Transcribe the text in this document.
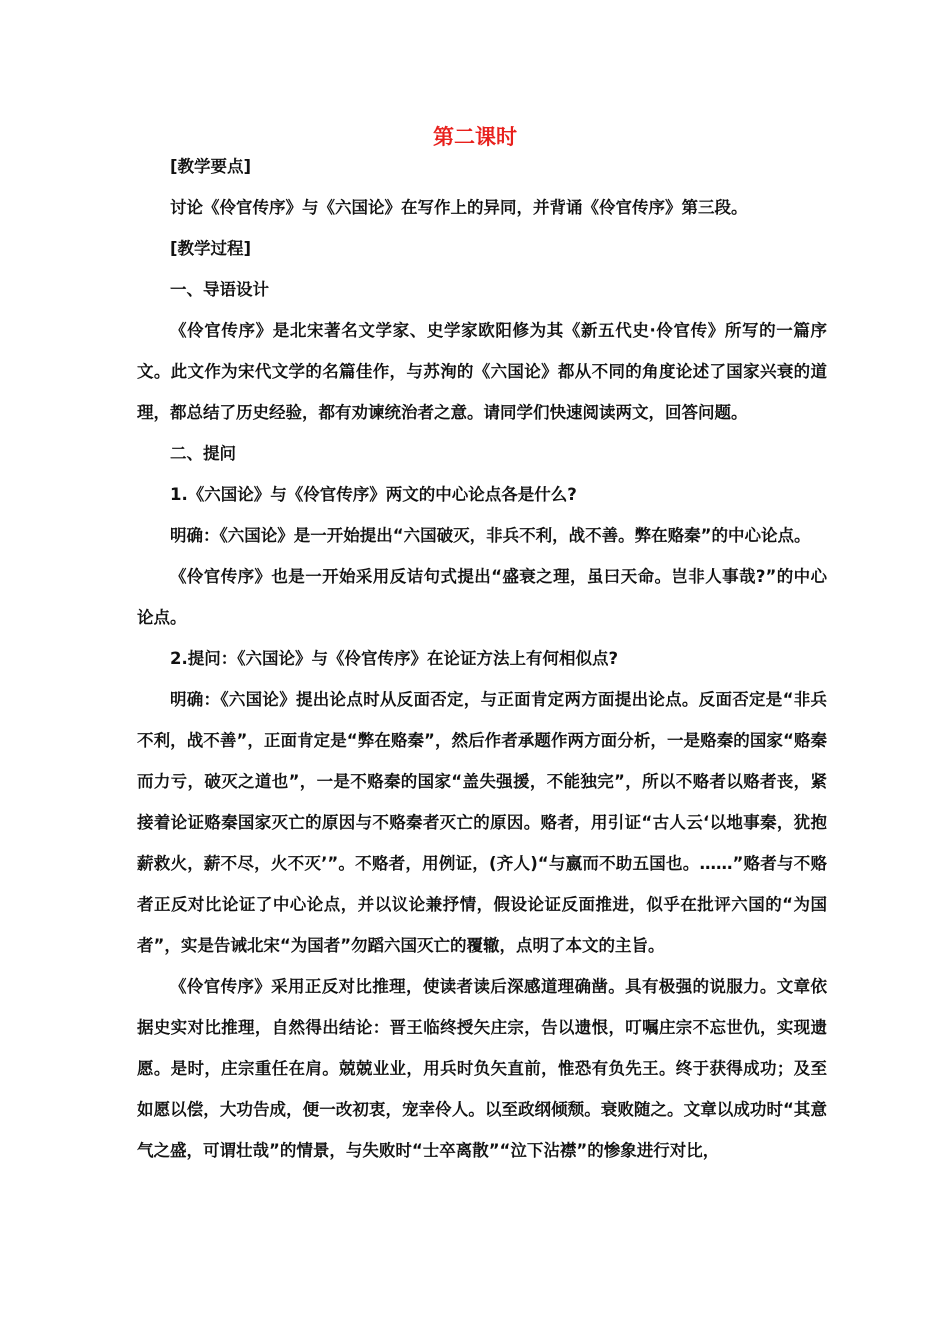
第二课时

[教学要点]

讨论《伶官传序》与《六国论》在写作上的异同，并背诵《伶官传序》第三段。

[教学过程]

一、导语设计

《伶官传序》是北宋著名文学家、史学家欧阳修为其《新五代史·伶官传》所写的一篇序文。此文作为宋代文学的名篇佳作，与苏洵的《六国论》都从不同的角度论述了国家兴衰的道理，都总结了历史经验，都有劝谏统治者之意。请同学们快速阅读两文，回答问题。

二、提问

1.《六国论》与《伶官传序》两文的中心论点各是什么?

明确：《六国论》是一开始提出“六国破灭，非兵不利，战不善。弊在赂秦”的中心论点。

《伶官传序》也是一开始采用反诘句式提出“盛衰之理，虽曰天命。岂非人事哉?”的中心论点。

2.提问：《六国论》与《伶官传序》在论证方法上有何相似点?

明确：《六国论》提出论点时从反面否定，与正面肯定两方面提出论点。反面否定是“非兵不利，战不善”，正面肯定是“弊在赂秦”，然后作者承题作两方面分析，一是赂秦的国家“赂秦而力亏，破灭之道也”，一是不赂秦的国家“盖失强援，不能独完”，所以不赂者以赂者丧，紧接着论证赂秦国家灭亡的原因与不赂秦者灭亡的原因。赂者，用引证“古人云‘以地事秦，犹抱薪救火，薪不尽，火不灭’”。不赂者，用例证，(齐人)“与嬴而不助五国也。……”赂者与不赂者正反对比论证了中心论点，并以议论兼抒情，假设论证反面推进，似乎在批评六国的“为国者”，实是告诫北宋“为国者”勿蹈六国灭亡的覆辙，点明了本文的主旨。

《伶官传序》采用正反对比推理，使读者读后深感道理确凿。具有极强的说服力。文章依据史实对比推理，自然得出结论：晋王临终授矢庄宗，告以遗恨，叮嘱庄宗不忘世仇，实现遗愿。是时，庄宗重任在肩。兢兢业业，用兵时负矢直前，惟恐有负先王。终于获得成功；及至如愿以偿，大功告成，便一改初衷，宠幸伶人。以至政纲倾颓。衰败随之。文章以成功时“其意气之盛，可谓壮哉”的情景，与失败时“士卒离散”“泣下沾襟”的惨象进行对比，
